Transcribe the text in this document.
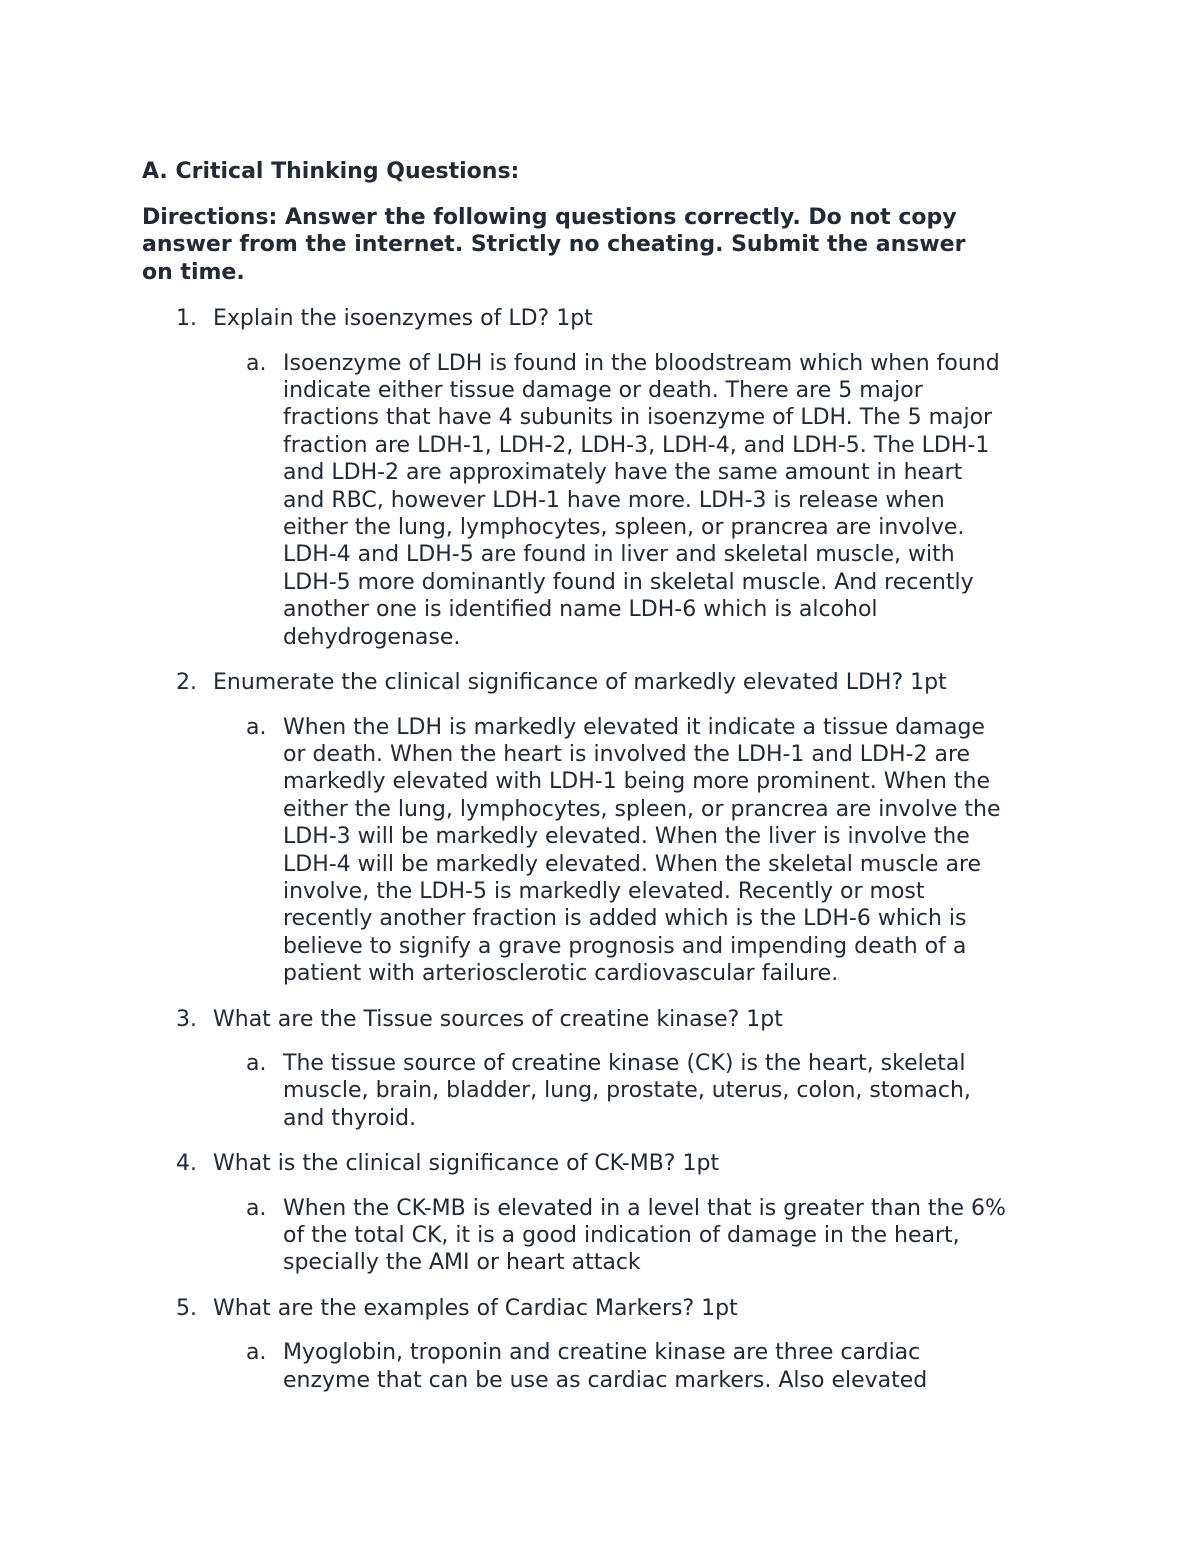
A. Critical Thinking Questions:
Directions: Answer the following questions correctly. Do not copy
answer from the internet. Strictly no cheating. Submit the answer
on time.
1. Explain the isoenzymes of LD? 1pt
a. Isoenzyme of LDH is found in the bloodstream which when found
indicate either tissue damage or death. There are 5 major
fractions that have 4 subunits in isoenzyme of LDH. The 5 major
fraction are LDH-1, LDH-2, LDH-3, LDH-4, and LDH-5. The LDH-1
and LDH-2 are approximately have the same amount in heart
and RBC, however LDH-1 have more. LDH-3 is release when
either the lung, lymphocytes, spleen, or prancrea are involve.
LDH-4 and LDH-5 are found in liver and skeletal muscle, with
LDH-5 more dominantly found in skeletal muscle. And recently
another one is identified name LDH-6 which is alcohol
dehydrogenase.
2. Enumerate the clinical significance of markedly elevated LDH? 1pt
a. When the LDH is markedly elevated it indicate a tissue damage
or death. When the heart is involved the LDH-1 and LDH-2 are
markedly elevated with LDH-1 being more prominent. When the
either the lung, lymphocytes, spleen, or prancrea are involve the
LDH-3 will be markedly elevated. When the liver is involve the
LDH-4 will be markedly elevated. When the skeletal muscle are
involve, the LDH-5 is markedly elevated. Recently or most
recently another fraction is added which is the LDH-6 which is
believe to signify a grave prognosis and impending death of a
patient with arteriosclerotic cardiovascular failure.
3. What are the Tissue sources of creatine kinase? 1pt
a. The tissue source of creatine kinase (CK) is the heart, skeletal
muscle, brain, bladder, lung, prostate, uterus, colon, stomach,
and thyroid.
4. What is the clinical significance of CK-MB? 1pt
a. When the CK-MB is elevated in a level that is greater than the 6%
of the total CK, it is a good indication of damage in the heart,
specially the AMI or heart attack
5. What are the examples of Cardiac Markers? 1pt
a. Myoglobin, troponin and creatine kinase are three cardiac
enzyme that can be use as cardiac markers. Also elevated
